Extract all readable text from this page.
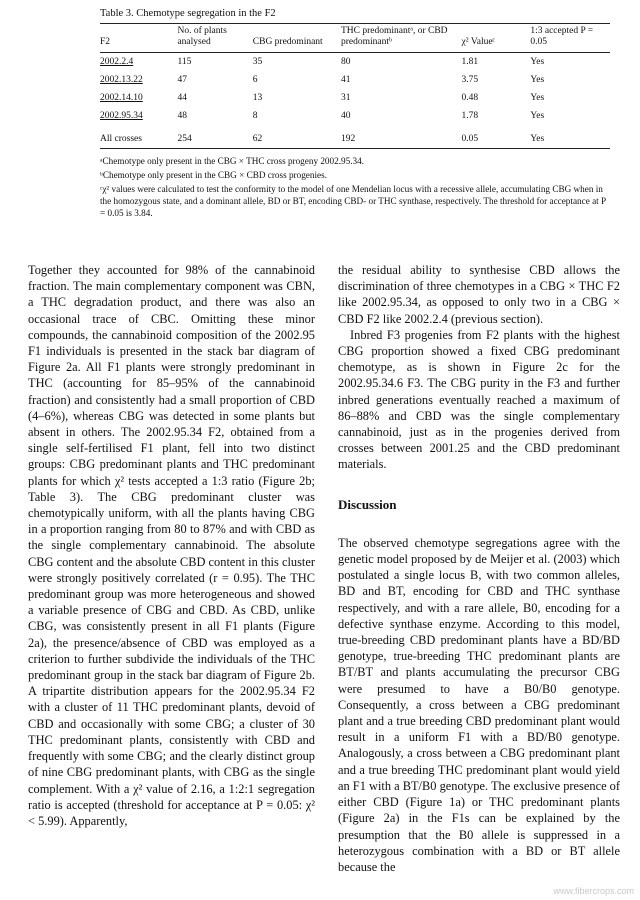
Table 3. Chemotype segregation in the F2
F2	No. of plants analysed	CBG predominant	THC predominantᵃ, or CBD predominantᵇ	χ² Valueᶜ	1:3 accepted P = 0.05
2002.2.4	115	35	80	1.81	Yes
2002.13.22	47	6	41	3.75	Yes
2002.14.10	44	13	31	0.48	Yes
2002.95.34	48	8	40	1.78	Yes
All crosses	254	62	192	0.05	Yes

ᵃChemotype only present in the CBG × THC cross progeny 2002.95.34.

ᵇChemotype only present in the CBG × CBD cross progenies.

ᶜχ² values were calculated to test the conformity to the model of one Mendelian locus with a recessive allele, accumulating CBG when in the homozygous state, and a dominant allele, BD or BT, encoding CBD- or THC synthase, respectively. The threshold for acceptance at P = 0.05 is 3.84.

Together they accounted for 98% of the cannabinoid fraction. The main complementary component was CBN, a THC degradation product, and there was also an occasional trace of CBC. Omitting these minor compounds, the cannabinoid composition of the 2002.95 F1 individuals is presented in the stack bar diagram of Figure 2a. All F1 plants were strongly predominant in THC (accounting for 85–95% of the cannabinoid fraction) and consistently had a small proportion of CBD (4–6%), whereas CBG was detected in some plants but absent in others. The 2002.95.34 F2, obtained from a single self-fertilised F1 plant, fell into two distinct groups: CBG predominant plants and THC predominant plants for which χ² tests accepted a 1:3 ratio (Figure 2b; Table 3). The CBG predominant cluster was chemotypically uniform, with all the plants having CBG in a proportion ranging from 80 to 87% and with CBD as the single complementary cannabinoid. The absolute CBG content and the absolute CBD content in this cluster were strongly positively correlated (r = 0.95). The THC predominant group was more heterogeneous and showed a variable presence of CBG and CBD. As CBD, unlike CBG, was consistently present in all F1 plants (Figure 2a), the presence/absence of CBD was employed as a criterion to further subdivide the individuals of the THC predominant group in the stack bar diagram of Figure 2b. A tripartite distribution appears for the 2002.95.34 F2 with a cluster of 11 THC predominant plants, devoid of CBD and occasionally with some CBG; a cluster of 30 THC predominant plants, consistently with CBD and frequently with some CBG; and the clearly distinct group of nine CBG predominant plants, with CBG as the single complement. With a χ² value of 2.16, a 1:2:1 segregation ratio is accepted (threshold for acceptance at P = 0.05: χ² < 5.99). Apparently,

the residual ability to synthesise CBD allows the discrimination of three chemotypes in a CBG × THC F2 like 2002.95.34, as opposed to only two in a CBG × CBD F2 like 2002.2.4 (previous section).

Inbred F3 progenies from F2 plants with the highest CBG proportion showed a fixed CBG predominant chemotype, as is shown in Figure 2c for the 2002.95.34.6 F3. The CBG purity in the F3 and further inbred generations eventually reached a maximum of 86–88% and CBD was the single complementary cannabinoid, just as in the progenies derived from crosses between 2001.25 and the CBD predominant materials.

Discussion

The observed chemotype segregations agree with the genetic model proposed by de Meijer et al. (2003) which postulated a single locus B, with two common alleles, BD and BT, encoding for CBD and THC synthase respectively, and with a rare allele, B0, encoding for a defective synthase enzyme. According to this model, true-breeding CBD predominant plants have a BD/BD genotype, true-breeding THC predominant plants are BT/BT and plants accumulating the precursor CBG were presumed to have a B0/B0 genotype. Consequently, a cross between a CBG predominant plant and a true breeding CBD predominant plant would result in a uniform F1 with a BD/B0 genotype. Analogously, a cross between a CBG predominant plant and a true breeding THC predominant plant would yield an F1 with a BT/B0 genotype. The exclusive presence of either CBD (Figure 1a) or THC predominant plants (Figure 2a) in the F1s can be explained by the presumption that the B0 allele is suppressed in a heterozygous combination with a BD or BT allele because the

www.fibercrops.com
